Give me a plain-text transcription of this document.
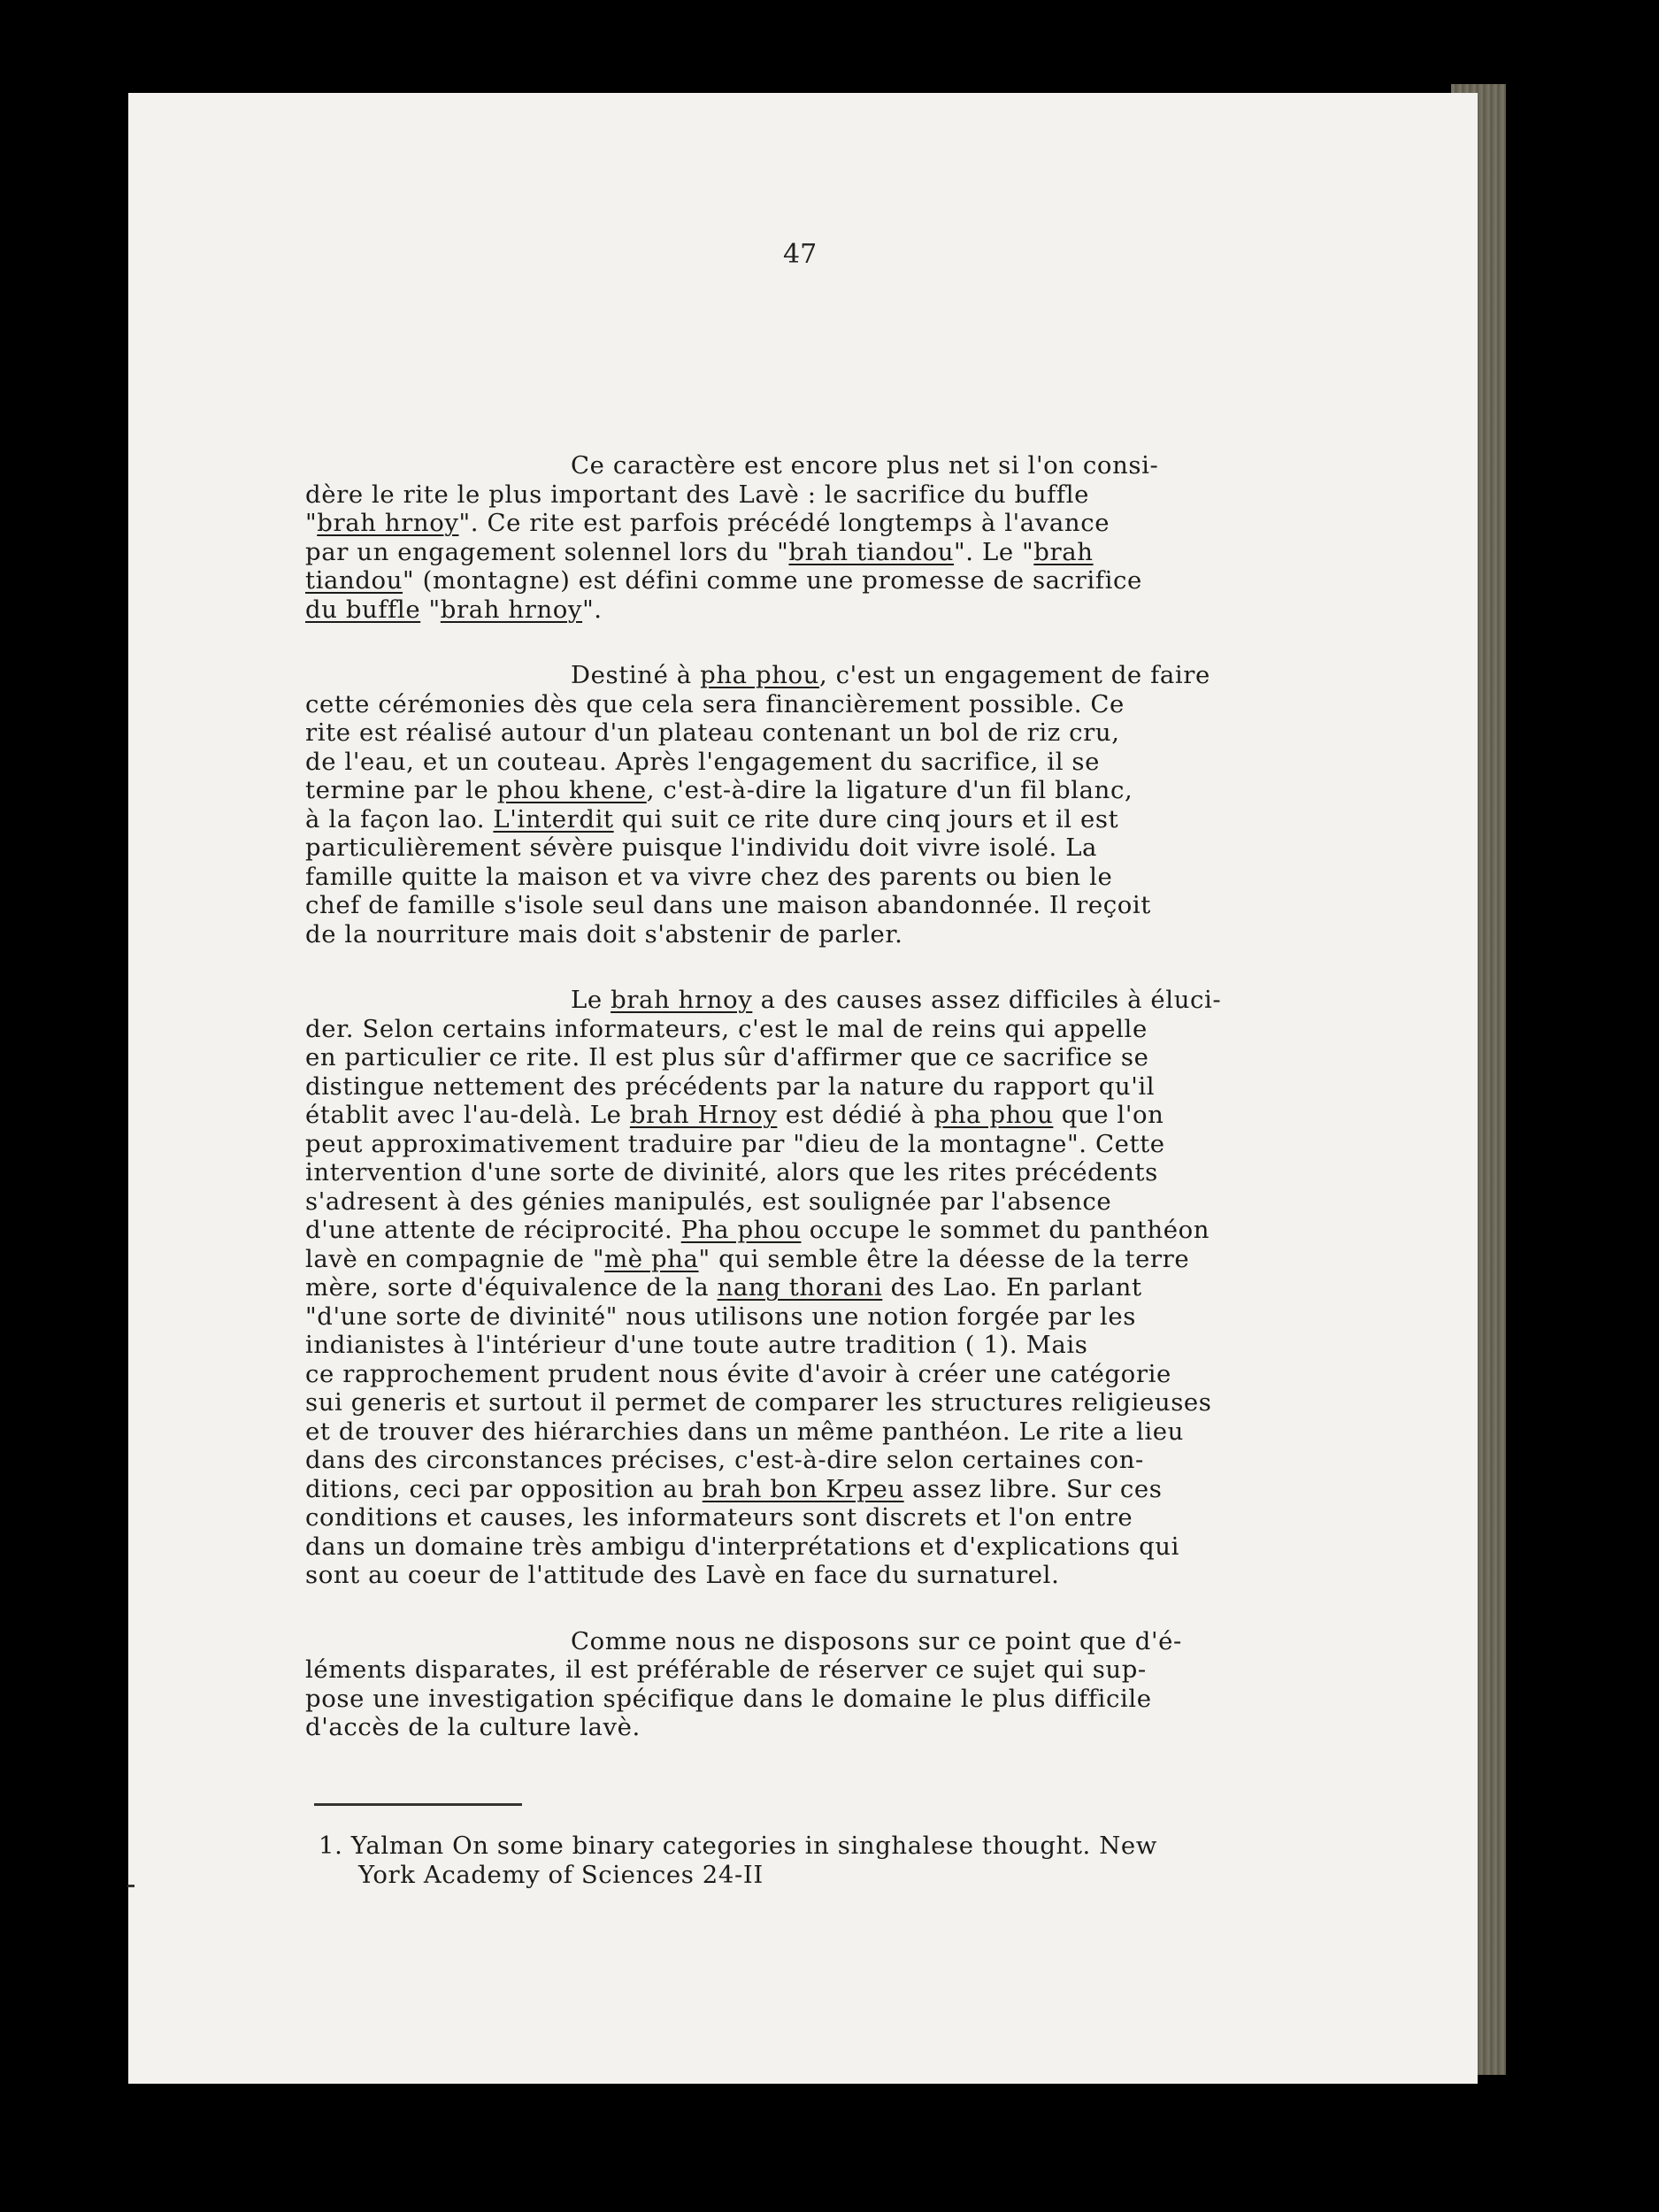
47
Ce caractère est encore plus net si l'on consi-
dère le rite le plus important des Lavè : le sacrifice du buffle
"brah hrnoy". Ce rite est parfois précédé longtemps à l'avance
par un engagement solennel lors du "brah tiandou". Le "brah
tiandou" (montagne) est défini comme une promesse de sacrifice
du buffle "brah hrnoy".
Destiné à pha phou, c'est un engagement de faire
cette cérémonies dès que cela sera financièrement possible. Ce
rite est réalisé autour d'un plateau contenant un bol de riz cru,
de l'eau, et un couteau. Après l'engagement du sacrifice, il se
termine par le phou khene, c'est-à-dire la ligature d'un fil blanc,
à la façon lao. L'interdit qui suit ce rite dure cinq jours et il est
particulièrement sévère puisque l'individu doit vivre isolé. La
famille quitte la maison et va vivre chez des parents ou bien le
chef de famille s'isole seul dans une maison abandonnée. Il reçoit
de la nourriture mais doit s'abstenir de parler.
Le brah hrnoy a des causes assez difficiles à éluci-
der. Selon certains informateurs, c'est le mal de reins qui appelle
en particulier ce rite. Il est plus sûr d'affirmer que ce sacrifice se
distingue nettement des précédents par la nature du rapport qu'il
établit avec l'au-delà. Le brah Hrnoy est dédié à pha phou que l'on
peut approximativement traduire par "dieu de la montagne". Cette
intervention d'une sorte de divinité, alors que les rites précédents
s'adresent à des génies manipulés, est soulignée par l'absence
d'une attente de réciprocité. Pha phou occupe le sommet du panthéon
lavè en compagnie de "mè pha" qui semble être la déesse de la terre
mère, sorte d'équivalence de la nang thorani des Lao. En parlant
"d'une sorte de divinité" nous utilisons une notion forgée par les
indianistes à l'intérieur d'une toute autre tradition ( 1). Mais
ce rapprochement prudent nous évite d'avoir à créer une catégorie
sui generis et surtout il permet de comparer les structures religieuses
et de trouver des hiérarchies dans un même panthéon. Le rite a lieu
dans des circonstances précises, c'est-à-dire selon certaines con-
ditions, ceci par opposition au brah bon Krpeu assez libre. Sur ces
conditions et causes, les informateurs sont discrets et l'on entre
dans un domaine très ambigu d'interprétations et d'explications qui
sont au coeur de l'attitude des Lavè en face du surnaturel.
Comme nous ne disposons sur ce point que d'é-
léments disparates, il est préférable de réserver ce sujet qui sup-
pose une investigation spécifique dans le domaine le plus difficile
d'accès de la culture lavè.
1. Yalman On some binary categories in singhalese thought. New
York Academy of Sciences 24-II
